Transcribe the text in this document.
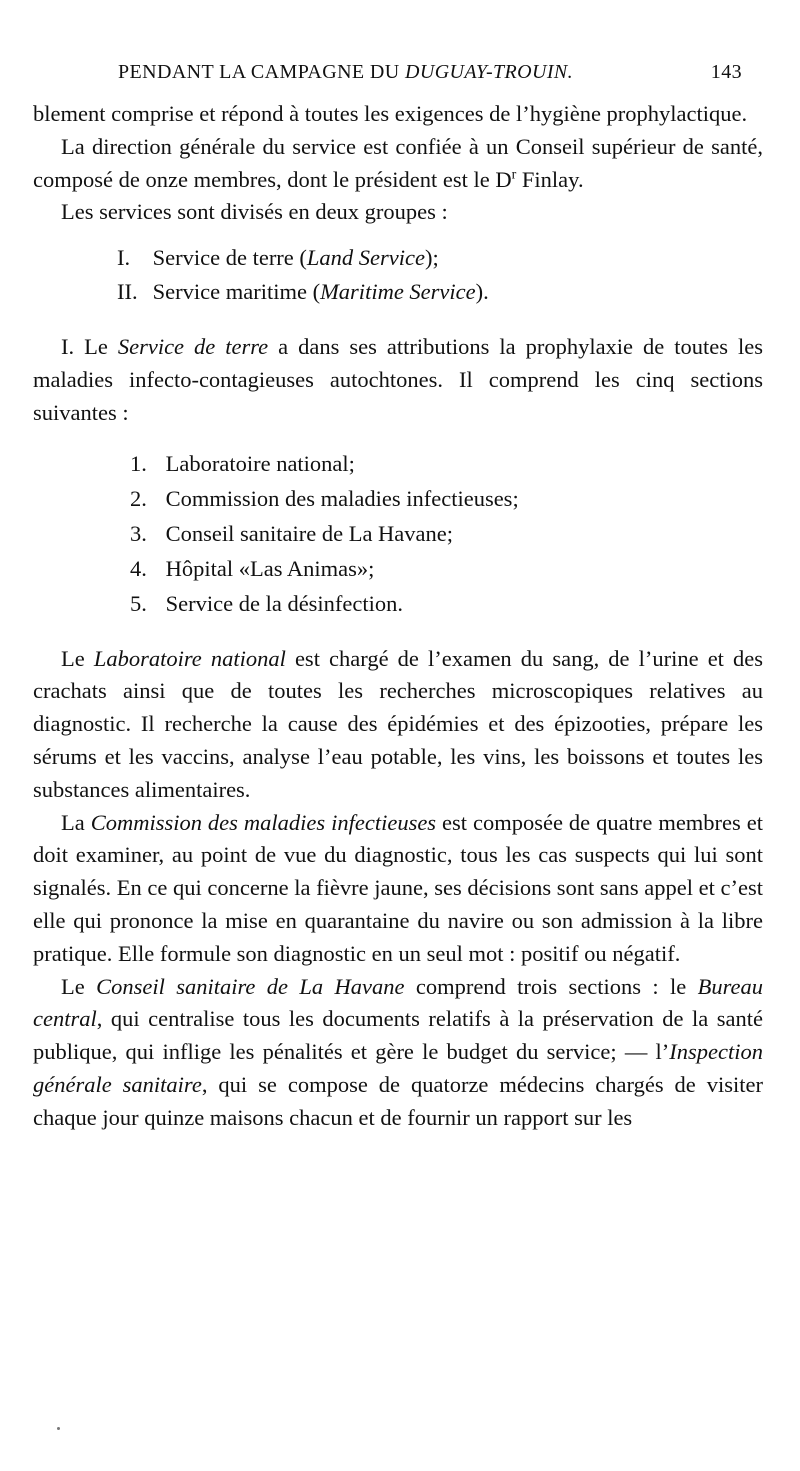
PENDANT LA CAMPAGNE DU DUGUAY-TROUIN.	143

blement comprise et répond à toutes les exigences de l’hygiène prophylactique.

La direction générale du service est confiée à un Conseil supérieur de santé, composé de onze membres, dont le président est le $D^r$ Finlay.

Les services sont divisés en deux groupes :

I. Service de terre (Land Service);
II. Service maritime (Maritime Service).

I. Le Service de terre a dans ses attributions la prophylaxie de toutes les maladies infecto-contagieuses autochtones. Il comprend les cinq sections suivantes :

1. Laboratoire national;
2. Commission des maladies infectieuses;
3. Conseil sanitaire de La Havane;
4. Hôpital «Las Animas»;
5. Service de la désinfection.

Le Laboratoire national est chargé de l’examen du sang, de l’urine et des crachats ainsi que de toutes les recherches microscopiques relatives au diagnostic. Il recherche la cause des épidémies et des épizooties, prépare les sérums et les vaccins, analyse l’eau potable, les vins, les boissons et toutes les substances alimentaires.

La Commission des maladies infectieuses est composée de quatre membres et doit examiner, au point de vue du diagnostic, tous les cas suspects qui lui sont signalés. En ce qui concerne la fièvre jaune, ses décisions sont sans appel et c’est elle qui prononce la mise en quarantaine du navire ou son admission à la libre pratique. Elle formule son diagnostic en un seul mot : positif ou négatif.

Le Conseil sanitaire de La Havane comprend trois sections : le Bureau central, qui centralise tous les documents relatifs à la préservation de la santé publique, qui inflige les pénalités et gère le budget du service; — l’Inspection générale sanitaire, qui se compose de quatorze médecins chargés de visiter chaque jour quinze maisons chacun et de fournir un rapport sur les
